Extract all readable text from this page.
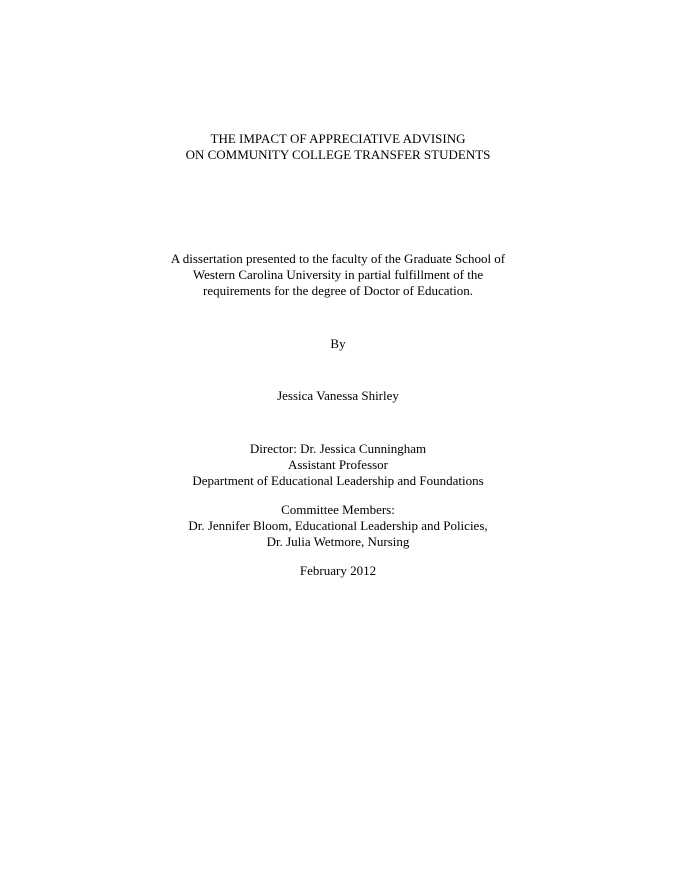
THE IMPACT OF APPRECIATIVE ADVISING
ON COMMUNITY COLLEGE TRANSFER STUDENTS
A dissertation presented to the faculty of the Graduate School of
Western Carolina University in partial fulfillment of the
requirements for the degree of Doctor of Education.
By
Jessica Vanessa Shirley
Director: Dr. Jessica Cunningham
Assistant Professor
Department of Educational Leadership and Foundations
Committee Members:
Dr. Jennifer Bloom, Educational Leadership and Policies,
Dr. Julia Wetmore, Nursing
February 2012
